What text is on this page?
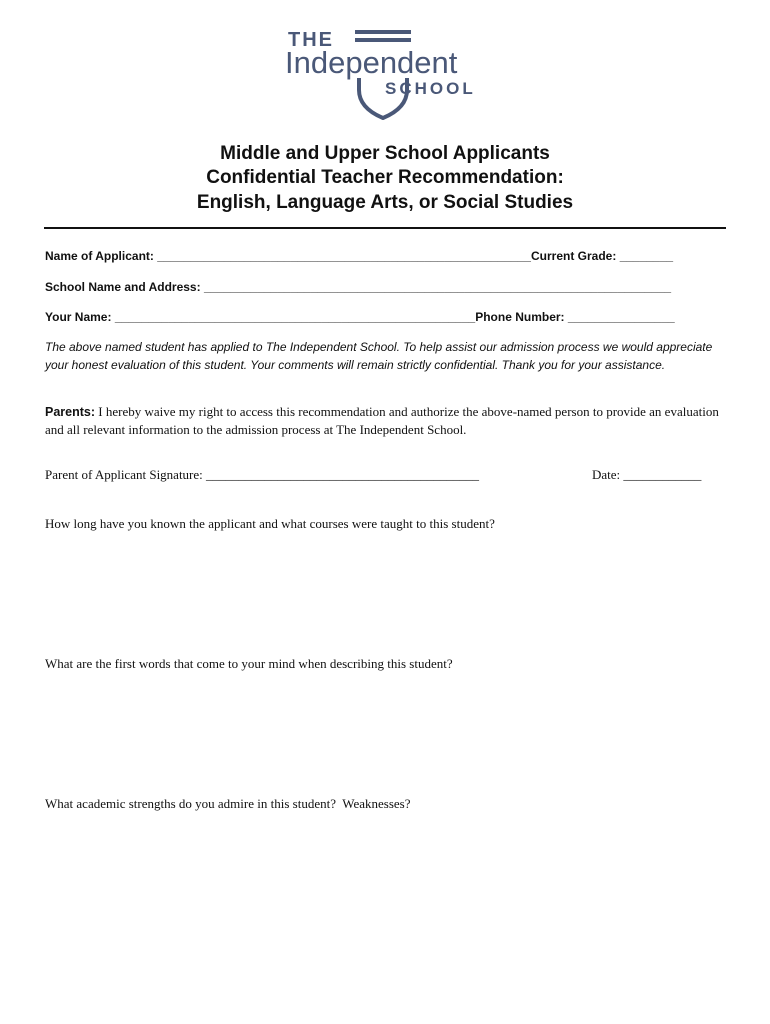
THE
Independent
SCHOOL
Middle and Upper School Applicants
Confidential Teacher Recommendation:
English, Language Arts, or Social Studies
Name of Applicant: ________________________________________________________Current Grade: ________
School Name and Address: ______________________________________________________________________
Your Name: ______________________________________________________Phone Number: ________________
The above named student has applied to The Independent School. To help assist our admission process we would appreciate your honest evaluation of this student. Your comments will remain strictly confidential. Thank you for your assistance.
Parents: I hereby waive my right to access this recommendation and authorize the above-named person to provide an evaluation and all relevant information to the admission process at The Independent School.
Parent of Applicant Signature: __________________________________________	Date: ____________
How long have you known the applicant and what courses were taught to this student?
What are the first words that come to your mind when describing this student?
What academic strengths do you admire in this student?  Weaknesses?
